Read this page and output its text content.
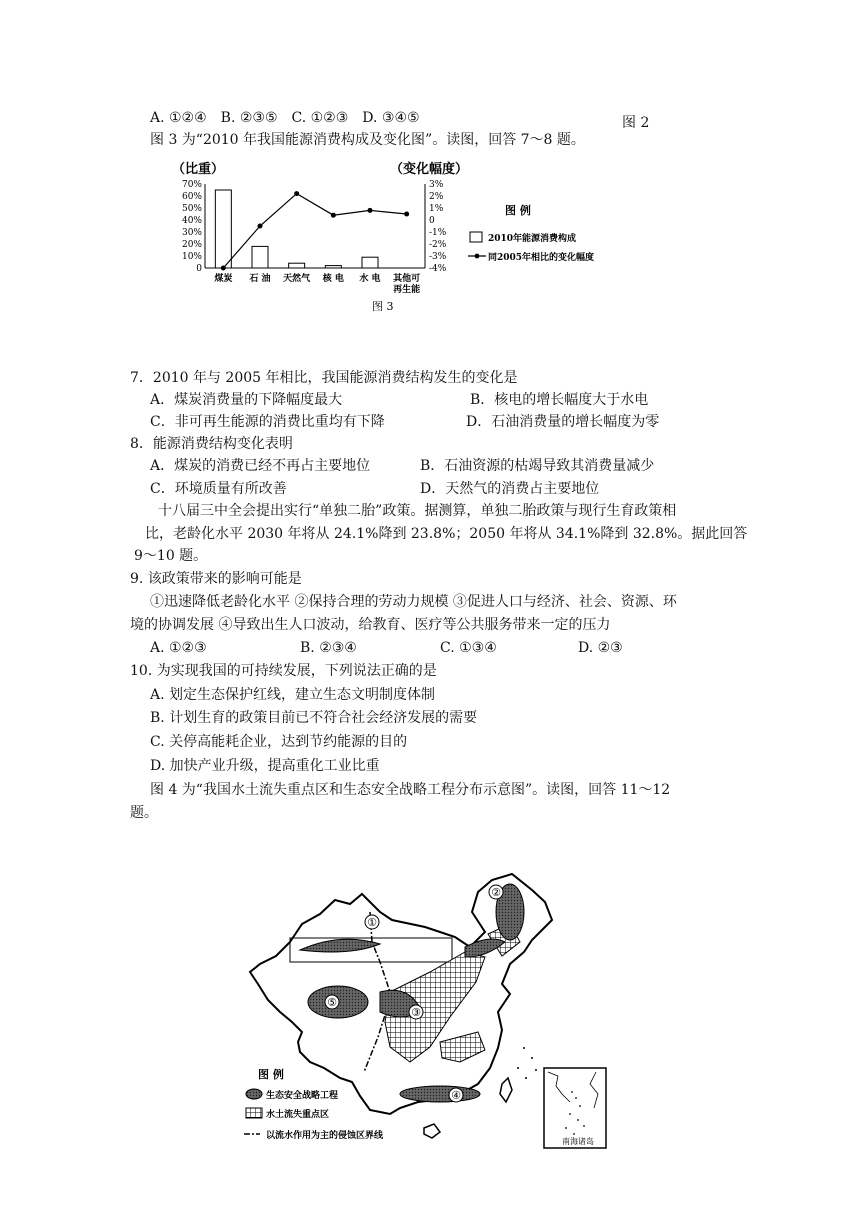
A. ①②④　B. ②③⑤　C. ①②③　D. ③④⑤	图 2
图 3 为“2010 年我国能源消费构成及变化图”。读图，回答 7～8 题。
（比重）	（变化幅度）
70%
60%
50%
40%
30%
20%
10%
0
3%
2%
1%
0
-1%
-2%
-3%
-4%
煤炭 石 油 天然气 核 电 水 电 其他可
再生能
图 3
图 例
2010年能源消费构成
同2005年相比的变化幅度
7．2010 年与 2005 年相比，我国能源消费结构发生的变化是
A．煤炭消费量的下降幅度最大	B．核电的增长幅度大于水电
C．非可再生能源的消费比重均有下降	D．石油消费量的增长幅度为零
8．能源消费结构变化表明
A．煤炭的消费已经不再占主要地位	B．石油资源的枯竭导致其消费量减少
C．环境质量有所改善	D．天然气的消费占主要地位
十八届三中全会提出实行“单独二胎”政策。据测算，单独二胎政策与现行生育政策相
比，老龄化水平 2030 年将从 24.1%降到 23.8%；2050 年将从 34.1%降到 32.8%。据此回答
9～10 题。
9. 该政策带来的影响可能是
①迅速降低老龄化水平 ②保持合理的劳动力规模 ③促进人口与经济、社会、资源、环
境的协调发展 ④导致出生人口波动，给教育、医疗等公共服务带来一定的压力
A. ①②③	B. ②③④	C. ①③④	D. ②③
10. 为实现我国的可持续发展，下列说法正确的是
A. 划定生态保护红线，建立生态文明制度体制
B. 计划生育的政策目前已不符合社会经济发展的需要
C. 关停高能耗企业，达到节约能源的目的
D. 加快产业升级，提高重化工业比重
图 4 为“我国水土流失重点区和生态安全战略工程分布示意图”。读图，回答 11～12
题。
①
②
③
④
⑤
图 例
生态安全战略工程
水土流失重点区
以流水作用为主的侵蚀区界线
南海诸岛
